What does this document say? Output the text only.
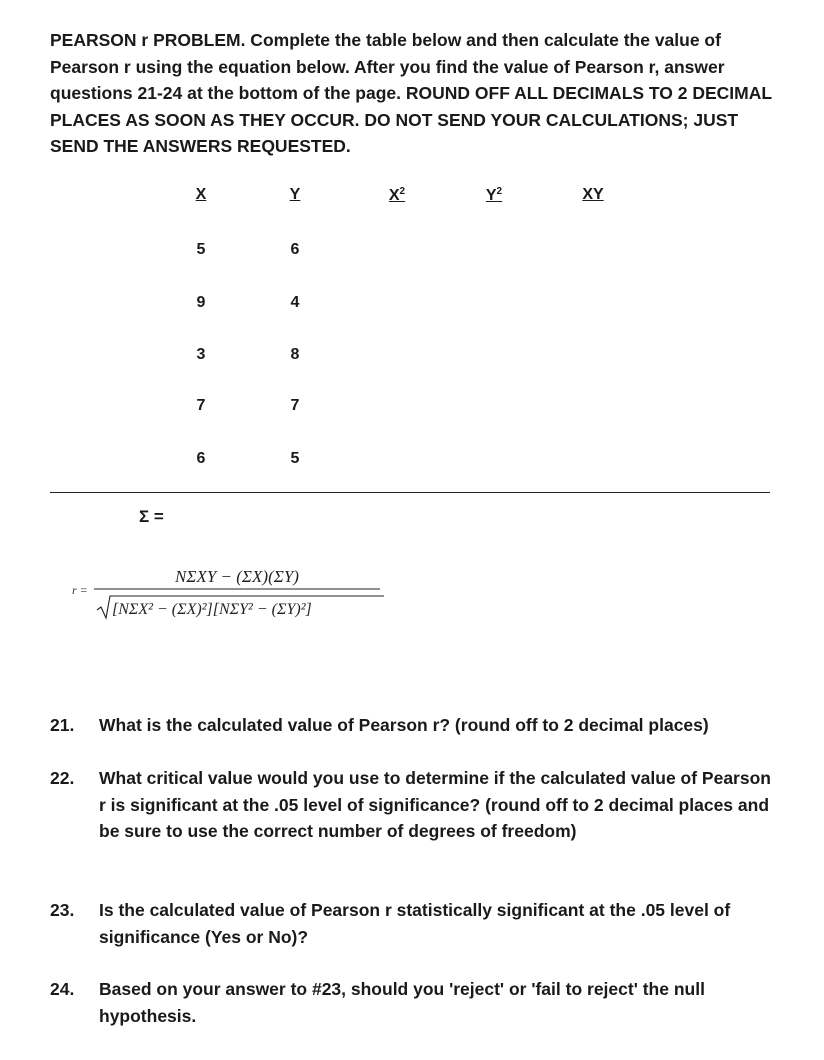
PEARSON r PROBLEM. Complete the table below and then calculate the value of Pearson r using the equation below. After you find the value of Pearson r, answer questions 21-24 at the bottom of the page. ROUND OFF ALL DECIMALS TO 2 DECIMAL PLACES AS SOON AS THEY OCCUR. DO NOT SEND YOUR CALCULATIONS; JUST SEND THE ANSWERS REQUESTED.

X	Y	$X^2$	$Y^2$	XY
5	6
9	4
3	8
7	7
6	5
Σ =
r =
NΣXY − (ΣX)(ΣY)
[NΣX² − (ΣX)²][NΣY² − (ΣY)²]
21. What is the calculated value of Pearson r? (round off to 2 decimal places)
22. What critical value would you use to determine if the calculated value of Pearson r is significant at the .05 level of significance? (round off to 2 decimal places and be sure to use the correct number of degrees of freedom)
23. Is the calculated value of Pearson r statistically significant at the .05 level of significance (Yes or No)?
24. Based on your answer to #23, should you 'reject' or 'fail to reject' the null hypothesis.
